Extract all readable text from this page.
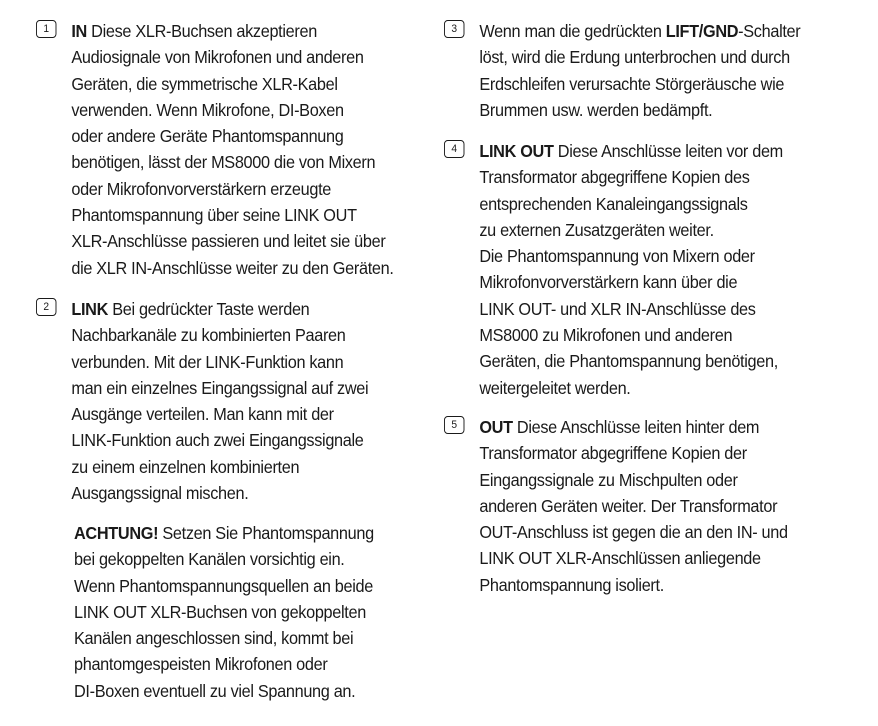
1	IN Diese XLR-Buchsen akzeptieren
Audiosignale von Mikrofonen und anderen
Geräten, die symmetrische XLR-Kabel
verwenden. Wenn Mikrofone, DI-Boxen
oder andere Geräte Phantomspannung
benötigen, lässt der MS8000 die von Mixern
oder Mikrofonvorverstärkern erzeugte
Phantomspannung über seine LINK OUT
XLR-Anschlüsse passieren und leitet sie über
die XLR IN-Anschlüsse weiter zu den Geräten.
2	LINK Bei gedrückter Taste werden
Nachbarkanäle zu kombinierten Paaren
verbunden. Mit der LINK-Funktion kann
man ein einzelnes Eingangssignal auf zwei
Ausgänge verteilen. Man kann mit der
LINK-Funktion auch zwei Eingangssignale
zu einem einzelnen kombinierten
Ausgangssignal mischen.
ACHTUNG! Setzen Sie Phantomspannung
bei gekoppelten Kanälen vorsichtig ein.
Wenn Phantomspannungsquellen an beide
LINK OUT XLR-Buchsen von gekoppelten
Kanälen angeschlossen sind, kommt bei
phantomgespeisten Mikrofonen oder
DI-Boxen eventuell zu viel Spannung an.
3	Wenn man die gedrückten LIFT/GND-Schalter
löst, wird die Erdung unterbrochen und durch
Erdschleifen verursachte Störgeräusche wie
Brummen usw. werden bedämpft.
4	LINK OUT Diese Anschlüsse leiten vor dem
Transformator abgegriffene Kopien des
entsprechenden Kanaleingangssignals
zu externen Zusatzgeräten weiter.
Die Phantomspannung von Mixern oder
Mikrofonvorverstärkern kann über die
LINK OUT- und XLR IN-Anschlüsse des
MS8000 zu Mikrofonen und anderen
Geräten, die Phantomspannung benötigen,
weitergeleitet werden.
5	OUT Diese Anschlüsse leiten hinter dem
Transformator abgegriffene Kopien der
Eingangssignale zu Mischpulten oder
anderen Geräten weiter. Der Transformator
OUT-Anschluss ist gegen die an den IN- und
LINK OUT XLR-Anschlüssen anliegende
Phantomspannung isoliert.
